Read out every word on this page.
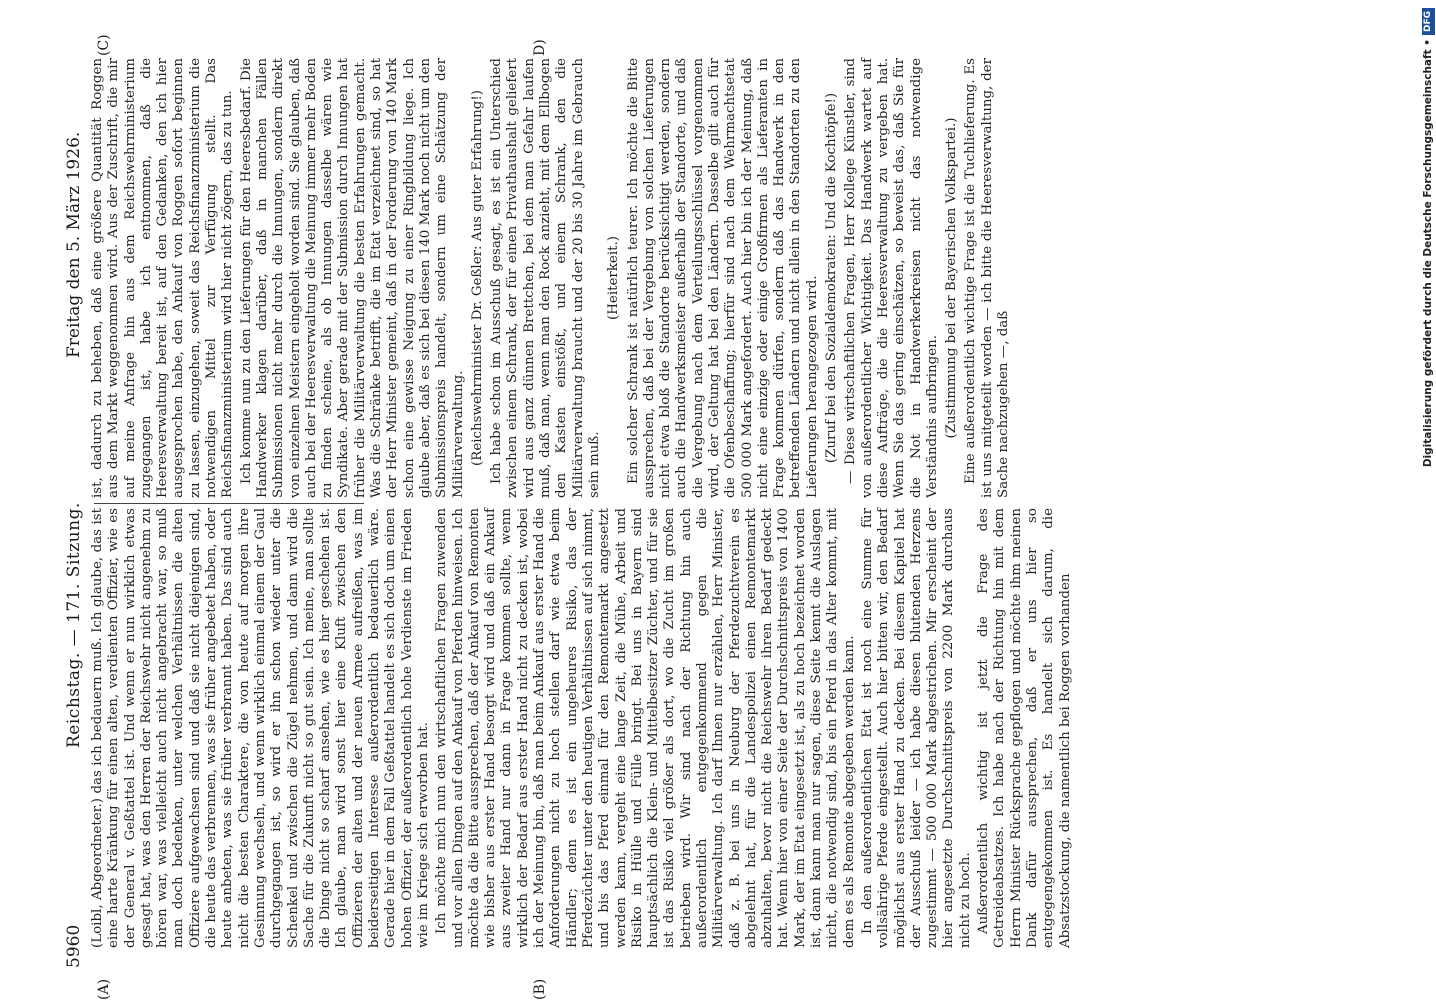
5960
Reichstag. — 171. Sitzung.
Freitag den 5. März 1926.
(A)	(B)
(C)	D)

(Loibl, Abgeordneter.) das ich bedauern muß. Ich glaube, das ist eine harte Kränkung für einen alten, verdienten Offizier, wie es der General v. Geßtattel ist. Und wenn er nun wirklich etwas gesagt hat, was den Herren der Reichswehr nicht angenehm zu hören war, was vielleicht auch nicht angebracht war, so muß man doch bedenken, unter welchen Verhältnissen die alten Offiziere aufgewachsen sind und daß sie nicht diejenigen sind, die heute das verbrennen, was sie früher angebetet haben, oder heute anbeten, was sie früher verbrannt haben. Das sind auch nicht die besten Charaktere, die von heute auf morgen ihre Gesinnung wechseln, und wenn wirklich einmal einem der Gaul durchgegangen ist, so wird er ihn schon wieder unter die Schenkel und zwischen die Zügel nehmen, und dann wird die Sache für die Zukunft nicht so gut sein. Ich meine, man sollte die Dinge nicht so scharf ansehen, wie es hier geschehen ist. Ich glaube, man wird sonst hier eine Kluft zwischen den Offizieren der alten und der neuen Armee aufreißen, was im beiderseitigen Interesse außerordentlich bedauerlich wäre. Gerade hier in dem Fall Geßtattel handelt es sich doch um einen hohen Offizier, der außerordentlich hohe Verdienste im Frieden wie im Kriege sich erworben hat. Ich möchte mich nun den wirtschaftlichen Fragen zuwenden und vor allen Dingen auf den Ankauf von Pferden hinweisen. Ich möchte da die Bitte aussprechen, daß der Ankauf von Remonten wie bisher aus erster Hand besorgt wird und daß ein Ankauf aus zweiter Hand nur dann in Frage kommen sollte, wenn wirklich der Bedarf aus erster Hand nicht zu decken ist, wobei ich der Meinung bin, daß man beim Ankauf aus erster Hand die Anforderungen nicht zu hoch stellen darf wie etwa beim Händler; denn es ist ein ungeheures Risiko, das der Pferdezüchter unter den heutigen Verhältnissen auf sich nimmt, und bis das Pferd einmal für den Remontemarkt angesetzt werden kann, vergeht eine lange Zeit, die Mühe, Arbeit und Risiko in Hülle und Fülle bringt. Bei uns in Bayern sind hauptsächlich die Klein- und Mittelbesitzer Züchter, und für sie ist das Risiko viel größer als dort, wo die Zucht im großen betrieben wird. Wir sind nach der Richtung hin auch außerordentlich entgegenkommend gegen die Militärverwaltung. Ich darf Ihnen nur erzählen, Herr Minister, daß z. B. bei uns in Neuburg der Pferdezuchtverein es abgelehnt hat, für die Landespolizei einen Remontemarkt abzuhalten, bevor nicht die Reichswehr ihren Bedarf gedeckt hat. Wenn hier von einer Seite der Durchschnittspreis von 1400 Mark, der im Etat eingesetzt ist, als zu hoch bezeichnet worden ist, dann kann man nur sagen, diese Seite kennt die Auslagen nicht, die notwendig sind, bis ein Pferd in das Alter kommt, mit dem es als Remonte abgegeben werden kann. In den außerordentlichen Etat ist noch eine Summe für vollsährige Pferde eingestellt. Auch hier bitten wir, den Bedarf möglichst aus erster Hand zu decken. Bei diesem Kapitel hat der Ausschuß leider — ich habe diesen blutenden Herzens zugestimmt — 500 000 Mark abgestrichen. Mir erscheint der hier angesetzte Durchschnittspreis von 2200 Mark durchaus nicht zu hoch. Außerordentlich wichtig ist jetzt die Frage des Getreideabsatzes. Ich habe nach der Richtung hin mit dem Herrn Minister Rücksprache gepflogen und möchte ihm meinen Dank dafür aussprechen, daß er uns hier so entgegengekommen ist. Es handelt sich darum, die Absatzstockung, die namentlich bei Roggen vorhanden

ist, dadurch zu beheben, daß eine größere Quantität Roggen aus dem Markt weggenommen wird. Aus der Zuschrift, die mir auf meine Anfrage hin aus dem Reichswehrministerium zugegangen ist, habe ich entnommen, daß die Heeresverwaltung bereit ist, auf den Gedanken, den ich hier ausgesprochen habe, den Ankauf von Roggen sofort beginnen zu lassen, einzugehen, soweit das Reichsfinanzministerium die notwendigen Mittel zur Verfügung stellt. Das Reichsfinanzministerium wird hier nicht zögern, das zu tun. Ich komme nun zu den Lieferungen für den Heeresbedarf. Die Handwerker klagen darüber, daß in manchen Fällen Submissionen nicht mehr durch die Innungen, sondern direkt von einzelnen Meistern eingeholt worden sind. Sie glauben, daß auch bei der Heeresverwaltung die Meinung immer mehr Boden zu finden scheine, als ob Innungen dasselbe wären wie Syndikate. Aber gerade mit der Submission durch Innungen hat früher die Militärverwaltung die besten Erfahrungen gemacht. Was die Schränke betrifft, die im Etat verzeichnet sind, so hat der Herr Minister gemeint, daß in der Forderung von 140 Mark schon eine gewisse Neigung zu einer Ringbildung liege. Ich glaube aber, daß es sich bei diesen 140 Mark noch nicht um den Submissionspreis handelt, sondern um eine Schätzung der Militärverwaltung. (Reichswehrminister Dr. Geßler: Aus guter Erfahrung!) Ich habe schon im Ausschuß gesagt, es ist ein Unterschied zwischen einem Schrank, der für einen Privathaushalt geliefert wird aus ganz dünnen Brettchen, bei dem man Gefahr laufen muß, daß man, wenn man den Rock anzieht, mit dem Ellbogen den Kasten einstößt, und einem Schrank, den die Militärverwaltung braucht und der 20 bis 30 Jahre im Gebrauch sein muß.

(Heiterkeit.) Ein solcher Schrank ist natürlich teurer. Ich möchte die Bitte aussprechen, daß bei der Vergebung von solchen Lieferungen nicht etwa bloß die Standorte berücksichtigt werden, sondern auch die Handwerksmeister außerhalb der Standorte, und daß die Vergebung nach dem Verteilungsschlüssel vorgenommen wird, der Geltung hat bei den Ländern. Dasselbe gilt auch für die Ofenbeschaffung; hierfür sind nach dem Wehrmachtsetat 500 000 Mark angefordert. Auch hier bin ich der Meinung, daß nicht eine einzige oder einige Großfirmen als Lieferanten in Frage kommen dürfen, sondern daß das Handwerk in den betreffenden Ländern und nicht allein in den Standorten zu den Lieferungen herangezogen wird. (Zuruf bei den Sozialdemokraten: Und die Kochtöpfe!) — Diese wirtschaftlichen Fragen, Herr Kollege Künstler, sind von außerordentlicher Wichtigkeit. Das Handwerk wartet auf diese Aufträge, die die Heeresverwaltung zu vergeben hat. Wenn Sie das gering einschätzen, so beweist das, daß Sie für die Not in Handwerkerkreisen nicht das notwendige Verständnis aufbringen. (Zustimmung bei der Bayerischen Volkspartei.) Eine außerordentlich wichtige Frage ist die Tuchlieferung. Es ist uns mitgeteilt worden — ich bitte die Heeresverwaltung, der Sache nachzugehen —, daß	Digitalisierung gefördert durch die Deutsche Forschungsgemeinschaft •
DFG
